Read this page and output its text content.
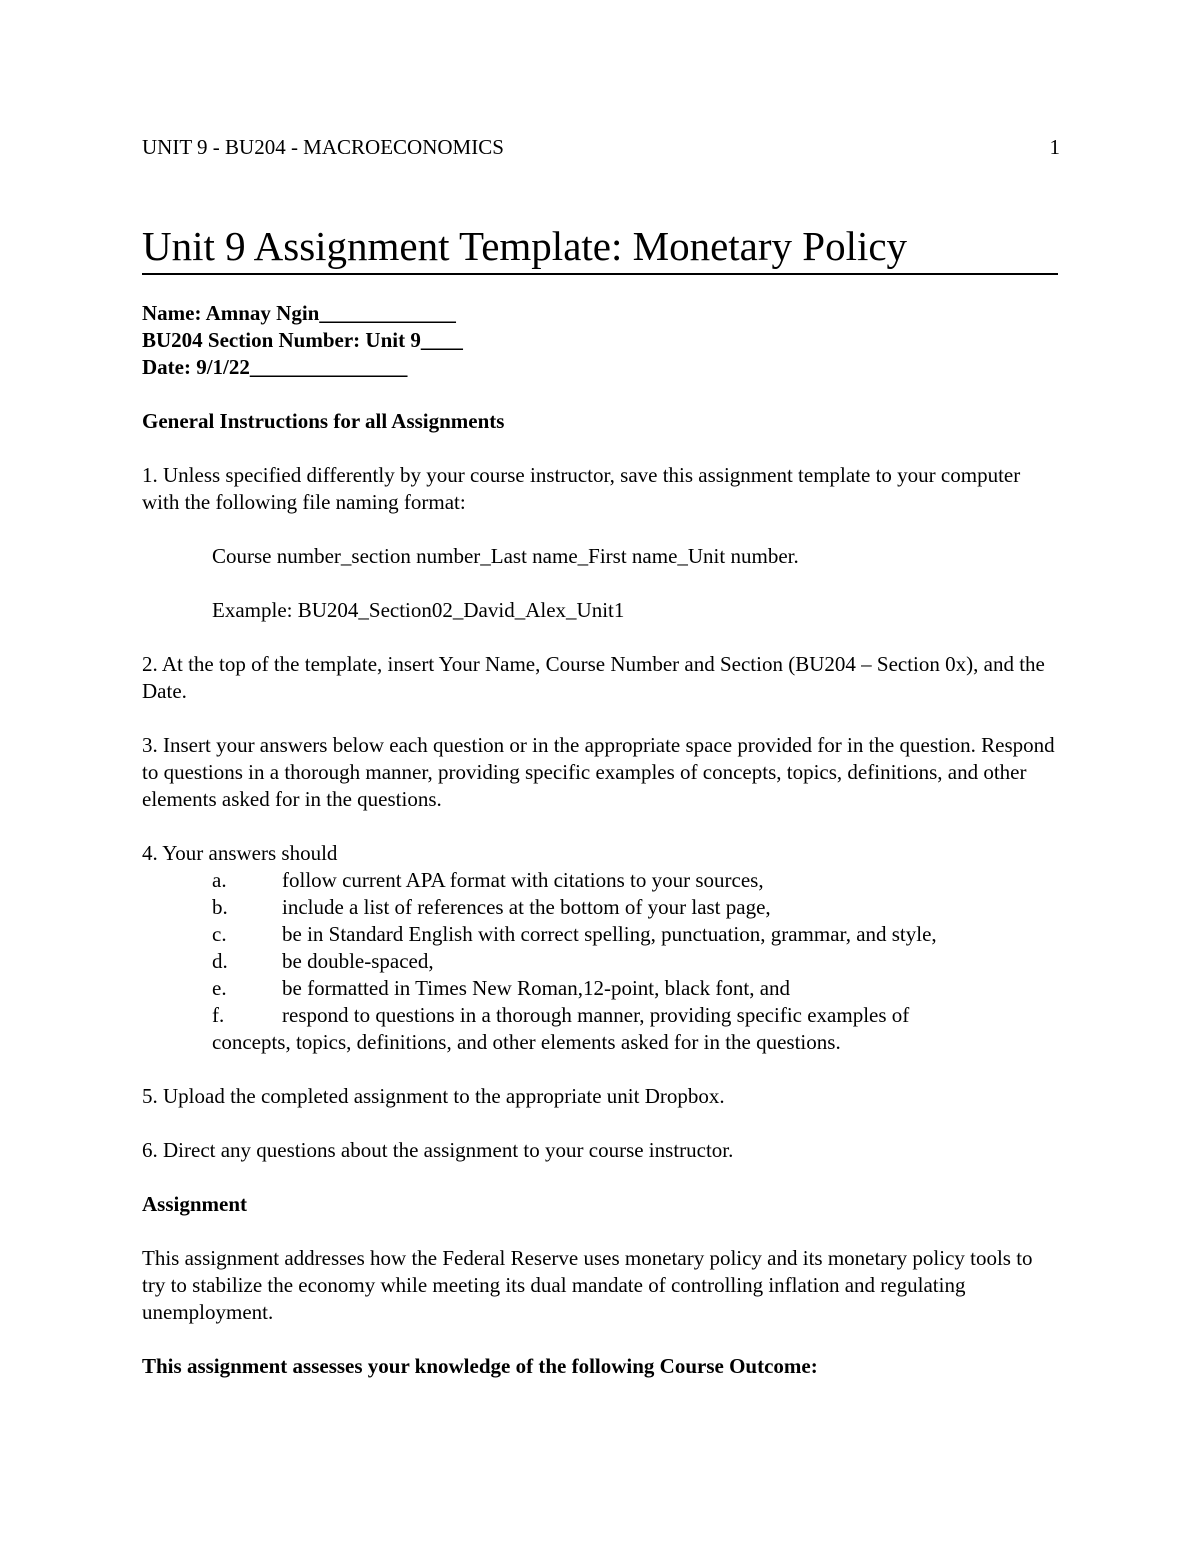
UNIT 9 - BU204 - MACROECONOMICS	1
Unit 9 Assignment Template: Monetary Policy

Name: Amnay Ngin_____________

BU204 Section Number: Unit 9____

Date: 9/1/22_______________

General Instructions for all Assignments

1. Unless specified differently by your course instructor, save this assignment template to your computer with the following file naming format:

Course number_section number_Last name_First name_Unit number.

Example: BU204_Section02_David_Alex_Unit1

2. At the top of the template, insert Your Name, Course Number and Section (BU204 – Section 0x), and the Date.

3. Insert your answers below each question or in the appropriate space provided for in the question. Respond to questions in a thorough manner, providing specific examples of concepts, topics, definitions, and other elements asked for in the questions.

4. Your answers should

a.	follow current APA format with citations to your sources,
b.	include a list of references at the bottom of your last page,
c.	be in Standard English with correct spelling, punctuation, grammar, and style,
d.	be double-spaced,
e.	be formatted in Times New Roman,12-point, black font, and
f.	respond to questions in a thorough manner, providing specific examples of

concepts, topics, definitions, and other elements asked for in the questions.

5. Upload the completed assignment to the appropriate unit Dropbox.

6. Direct any questions about the assignment to your course instructor.

Assignment

This assignment addresses how the Federal Reserve uses monetary policy and its monetary policy tools to try to stabilize the economy while meeting its dual mandate of controlling inflation and regulating unemployment.

This assignment assesses your knowledge of the following Course Outcome:
